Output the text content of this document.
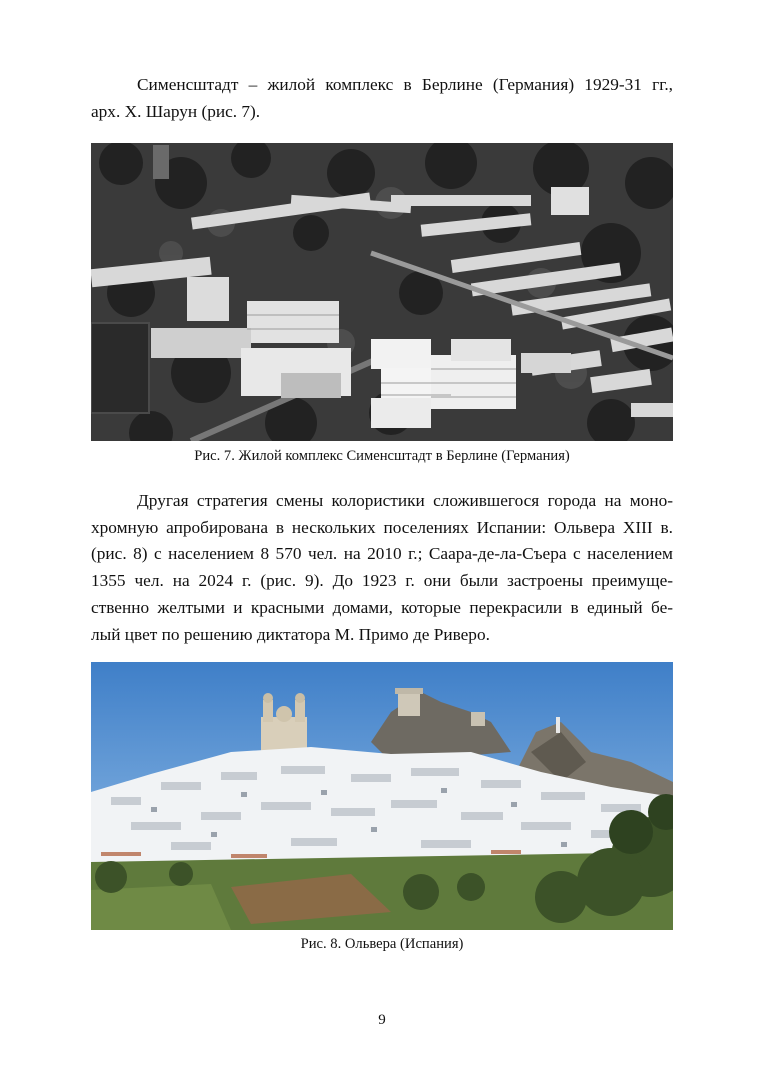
Сименсштадт – жилой комплекс в Берлине (Германия) 1929-31 гг.,
арх. Х. Шарун (рис. 7).
Рис. 7. Жилой комплекс Сименсштадт в Берлине (Германия)
Другая стратегия смены колористики сложившегося города на моно-
хромную апробирована в нескольких поселениях Испании: Ольвера XIII в.
(рис. 8) с населением 8 570 чел. на 2010 г.; Саара-де-ла-Съера с населением
1355 чел. на 2024 г. (рис. 9). До 1923 г. они были застроены преимуще-
ственно желтыми и красными домами, которые перекрасили в единый бе-
лый цвет по решению диктатора М. Примо де Риверо.
Рис. 8. Ольвера (Испания)
9
